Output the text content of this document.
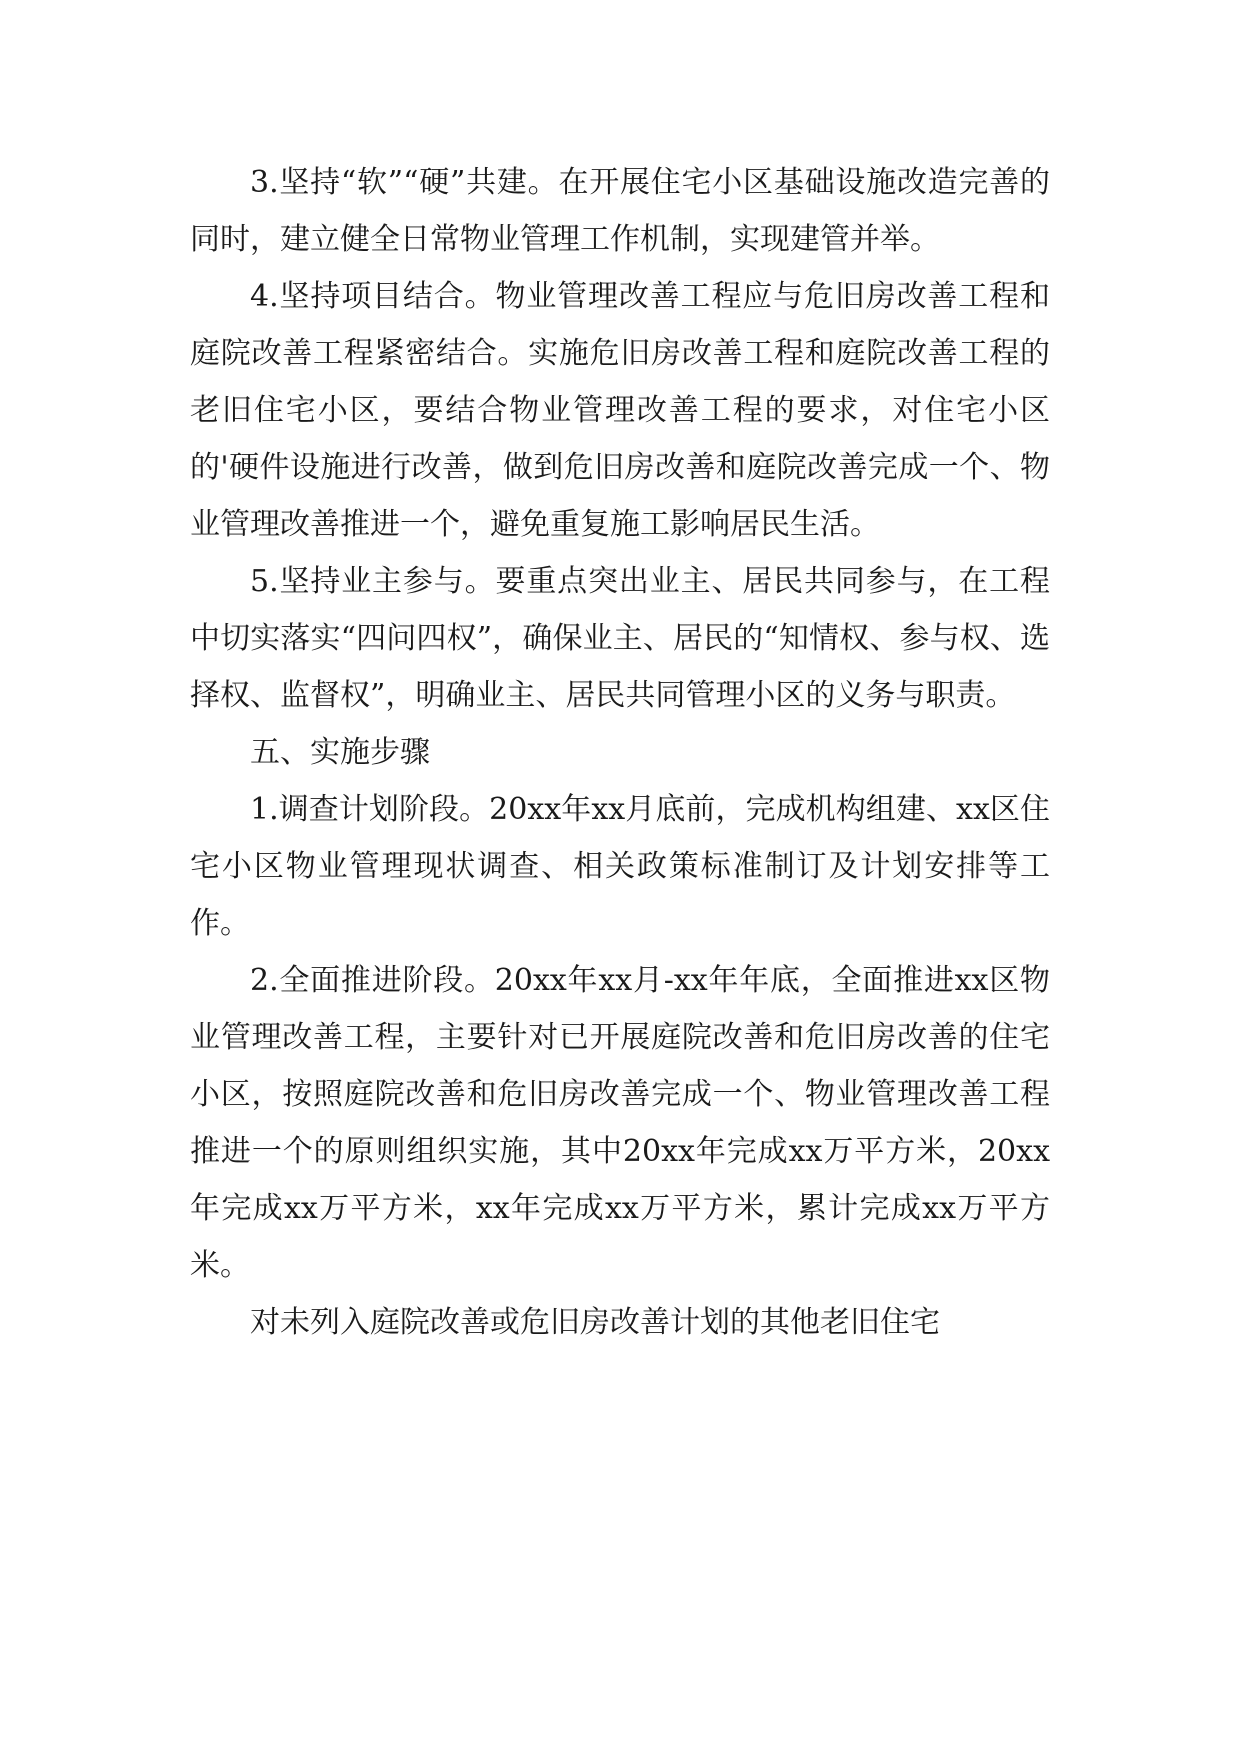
3.坚持“软”“硬”共建。在开展住宅小区基础设施改造完善的同时，建立健全日常物业管理工作机制，实现建管并举。

4.坚持项目结合。物业管理改善工程应与危旧房改善工程和庭院改善工程紧密结合。实施危旧房改善工程和庭院改善工程的老旧住宅小区，要结合物业管理改善工程的要求，对住宅小区的'硬件设施进行改善，做到危旧房改善和庭院改善完成一个、物业管理改善推进一个，避免重复施工影响居民生活。

5.坚持业主参与。要重点突出业主、居民共同参与，在工程中切实落实“四问四权”，确保业主、居民的“知情权、参与权、选择权、监督权”，明确业主、居民共同管理小区的义务与职责。

五、实施步骤

1.调查计划阶段。20xx年xx月底前，完成机构组建、xx区住宅小区物业管理现状调查、相关政策标准制订及计划安排等工作。

2.全面推进阶段。20xx年xx月-xx年年底，全面推进xx区物业管理改善工程，主要针对已开展庭院改善和危旧房改善的住宅小区，按照庭院改善和危旧房改善完成一个、物业管理改善工程推进一个的原则组织实施，其中20xx年完成xx万平方米，20xx年完成xx万平方米，xx年完成xx万平方米，累计完成xx万平方米。

对未列入庭院改善或危旧房改善计划的其他老旧住宅
